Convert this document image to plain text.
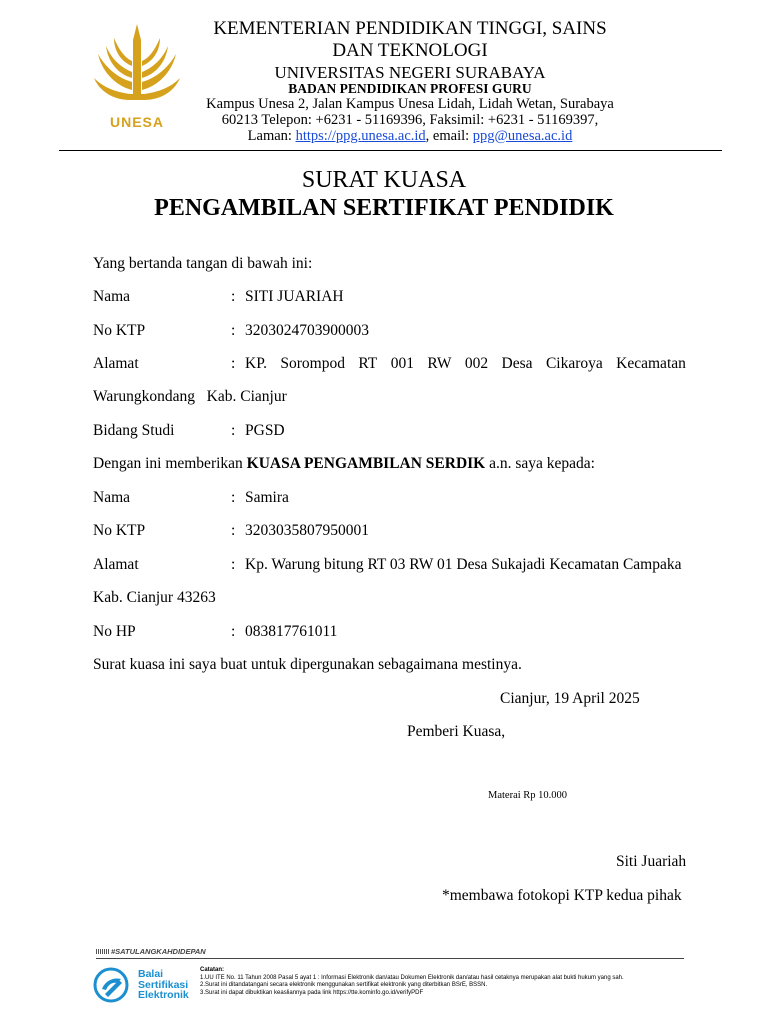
UNESA
KEMENTERIAN PENDIDIKAN TINGGI, SAINS
DAN TEKNOLOGI
UNIVERSITAS NEGERI SURABAYA
BADAN PENDIDIKAN PROFESI GURU
Kampus Unesa 2, Jalan Kampus Unesa Lidah, Lidah Wetan, Surabaya
60213 Telepon: +6231 - 51169396, Faksimil: +6231 - 51169397,
Laman: https://ppg.unesa.ac.id, email: ppg@unesa.ac.id
SURAT KUASA
PENGAMBILAN SERTIFIKAT PENDIDIK
Yang bertanda tangan di bawah ini:
Nama	: SITI JUARIAH
No KTP	: 3203024703900003
Alamat	: KP. Sorompod RT 001 RW 002 Desa Cikaroya Kecamatan
Warungkondang   Kab. Cianjur
Bidang Studi	: PGSD
Dengan ini memberikan KUASA PENGAMBILAN SERDIK a.n. saya kepada:
Nama	: Samira
No KTP	: 3203035807950001
Alamat	: Kp. Warung bitung RT 03 RW 01 Desa Sukajadi Kecamatan Campaka
Kab. Cianjur 43263
No HP	: 083817761011
Surat kuasa ini saya buat untuk dipergunakan sebagaimana mestinya.
Cianjur, 19 April 2025
Pemberi Kuasa,
Materai Rp 10.000
Siti Juariah
*membawa fotokopi KTP kedua pihak
#SATULANGKAHDIDEPAN
Balai
Sertifikasi
Elektronik
Catatan:
1.UU ITE No. 11 Tahun 2008 Pasal 5 ayat 1 : Informasi Elektronik dan/atau Dokumen Elektronik dan/atau hasil cetaknya merupakan alat bukti hukum yang sah.
2.Surat ini ditandatangani secara elektronik menggunakan sertifikat elektronik yang diterbitkan BSrE, BSSN.
3.Surat ini dapat dibuktikan keasliannya pada link https://tte.kominfo.go.id/verifyPDF
